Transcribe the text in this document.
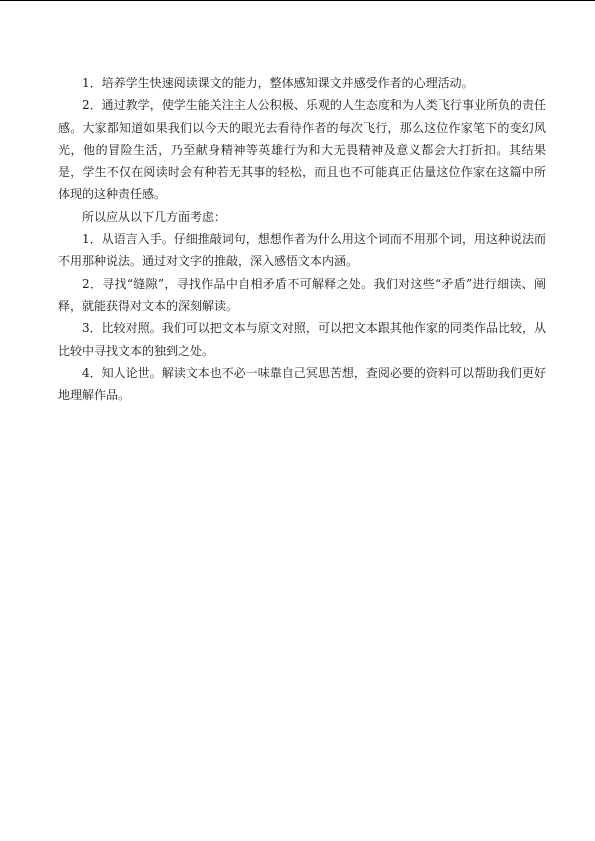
1．培养学生快速阅读课文的能力，整体感知课文并感受作者的心理活动。

2．通过教学，使学生能关注主人公积极、乐观的人生态度和为人类飞行事业所负的责任感。大家都知道如果我们以今天的眼光去看待作者的每次飞行，那么这位作家笔下的变幻风光，他的冒险生活，乃至献身精神等英雄行为和大无畏精神及意义都会大打折扣。其结果是，学生不仅在阅读时会有种若无其事的轻松，而且也不可能真正估量这位作家在这篇中所体现的这种责任感。

所以应从以下几方面考虑：

1．从语言入手。仔细推敲词句，想想作者为什么用这个词而不用那个词，用这种说法而不用那种说法。通过对文字的推敲，深入感悟文本内涵。

2．寻找“缝隙”，寻找作品中自相矛盾不可解释之处。我们对这些“矛盾”进行细读、阐释，就能获得对文本的深刻解读。

3．比较对照。我们可以把文本与原文对照，可以把文本跟其他作家的同类作品比较，从比较中寻找文本的独到之处。

4．知人论世。解读文本也不必一味靠自己冥思苦想，查阅必要的资料可以帮助我们更好地理解作品。
